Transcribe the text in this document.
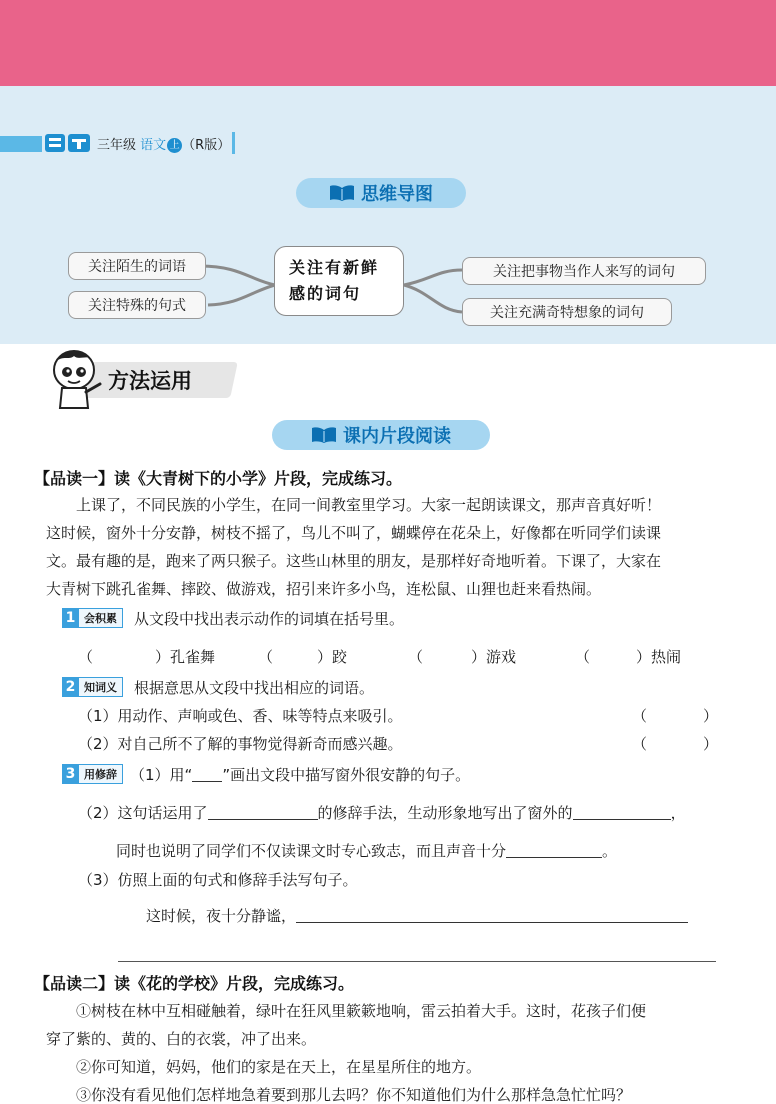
三年级 语文 上 （R版）
思维导图
关注陌生的词语
关注特殊的句式
关注有新鲜
感的词句
关注把事物当作人来写的词句
关注充满奇特想象的词句
方法运用
课内片段阅读
【品读一】读《大青树下的小学》片段，完成练习。
上课了，不同民族的小学生，在同一间教室里学习。大家一起朗读课文，那声音真好听！
这时候，窗外十分安静，树枝不摇了，鸟儿不叫了，蝴蝶停在花朵上，好像都在听同学们读课
文。最有趣的是，跑来了两只猴子。这些山林里的朋友，是那样好奇地听着。下课了，大家在
大青树下跳孔雀舞、摔跤、做游戏，招引来许多小鸟，连松鼠、山狸也赶来看热闹。
1 会积累	从文段中找出表示动作的词填在括号里。
（	）孔雀舞	（	）跤	（	）游戏	（	）热闹
2 知词义	根据意思从文段中找出相应的词语。
（1）用动作、声响或色、香、味等特点来吸引。	（	）
（2）对自己所不了解的事物觉得新奇而感兴趣。	（	）
3 用修辞 （1）用“ ”画出文段中描写窗外很安静的句子。
（2）这句话运用了	的修辞手法，生动形象地写出了窗外的	，
同时也说明了同学们不仅读课文时专心致志，而且声音十分	。
（3）仿照上面的句式和修辞手法写句子。
这时候，夜十分静谧，
【品读二】读《花的学校》片段，完成练习。
①树枝在林中互相碰触着，绿叶在狂风里簌簌地响，雷云拍着大手。这时，花孩子们便
穿了紫的、黄的、白的衣裳，冲了出来。
②你可知道，妈妈，他们的家是在天上，在星星所住的地方。
③你没有看见他们怎样地急着要到那儿去吗？你不知道他们为什么那样急急忙忙吗？
